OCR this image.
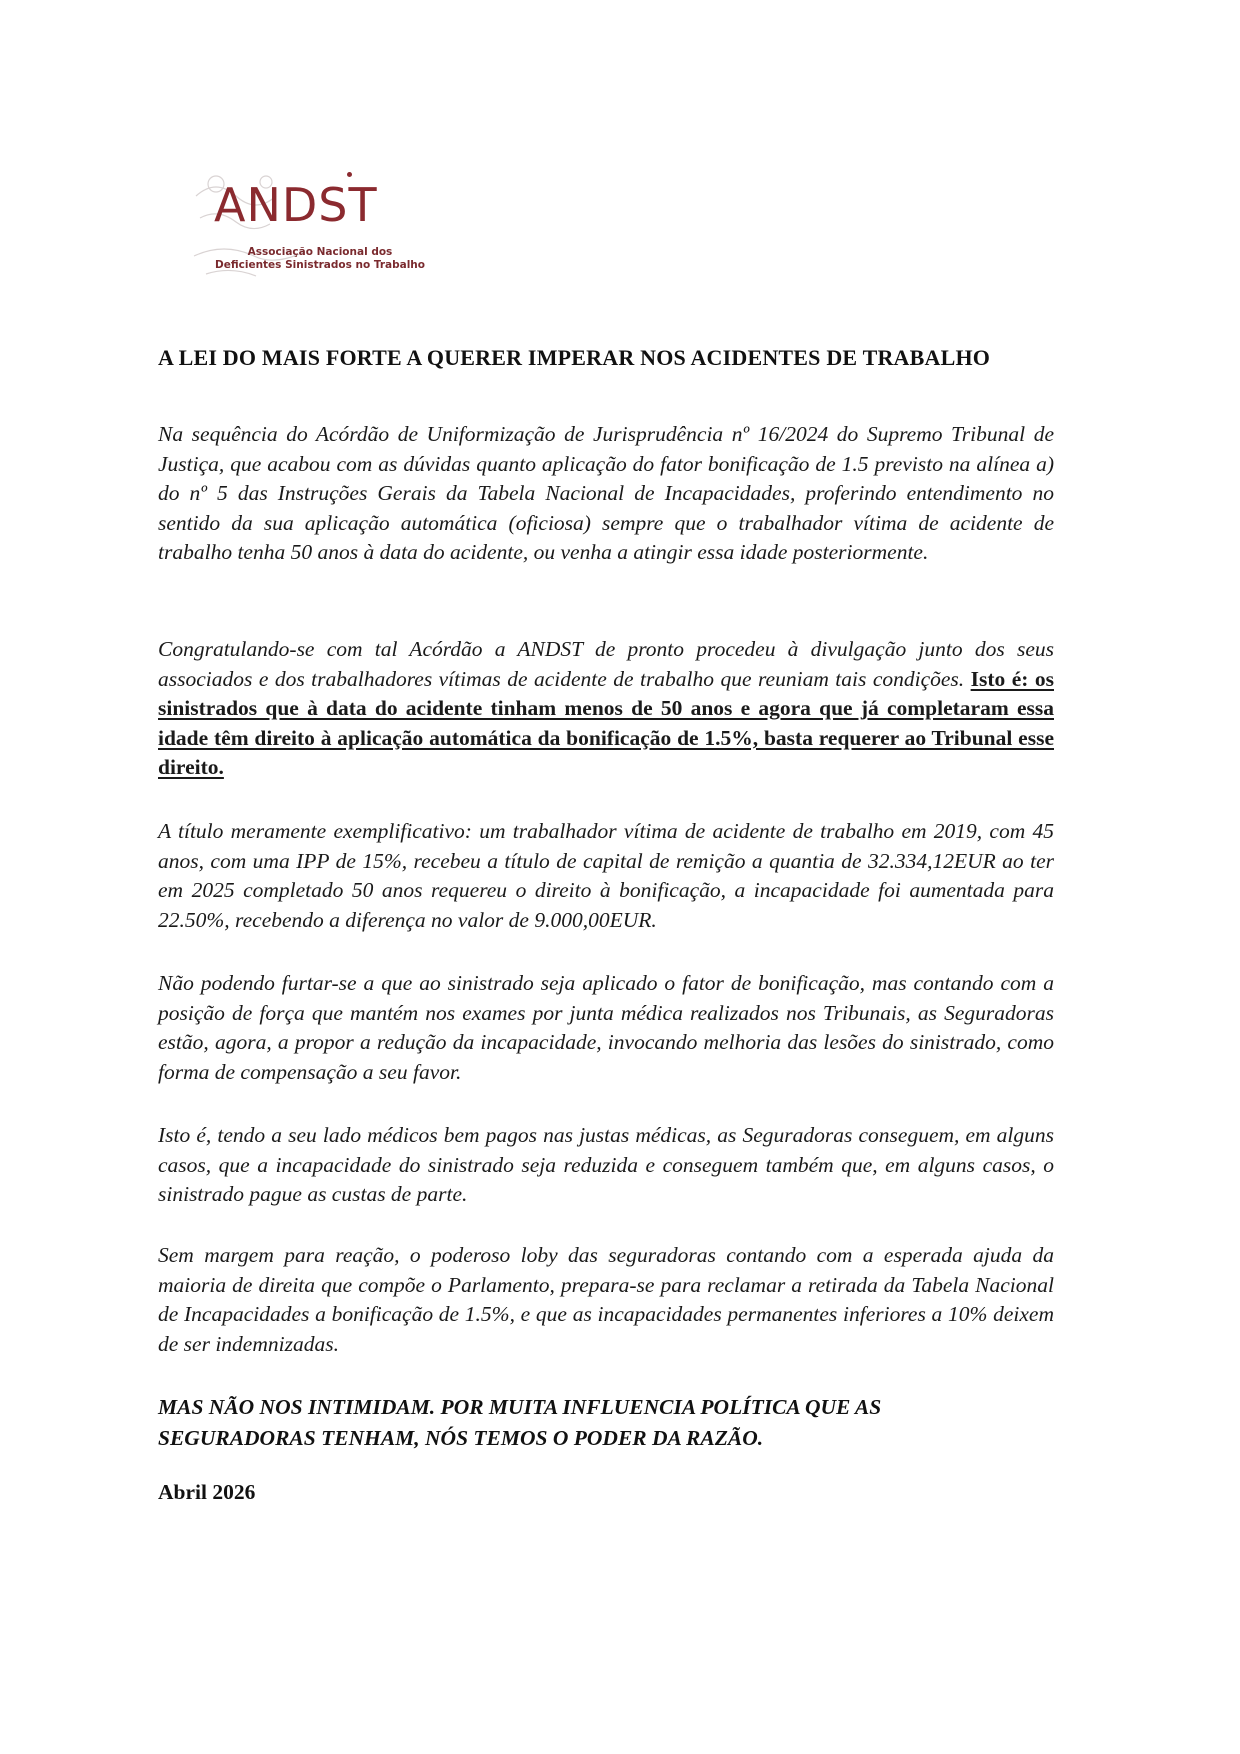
ANDST
Associação Nacional dos
Deficientes Sinistrados no Trabalho
A LEI DO MAIS FORTE A QUERER IMPERAR NOS ACIDENTES DE TRABALHO

Na sequência do Acórdão de Uniformização de Jurisprudência nº 16/2024 do Supremo Tribunal de Justiça, que acabou com as dúvidas quanto aplicação do fator bonificação de 1.5 previsto na alínea a) do nº 5 das Instruções Gerais da Tabela Nacional de Incapacidades, proferindo entendimento no sentido da sua aplicação automática (oficiosa) sempre que o trabalhador vítima de acidente de trabalho tenha 50 anos à data do acidente, ou venha a atingir essa idade posteriormente.

Congratulando-se com tal Acórdão a ANDST de pronto procedeu à divulgação junto dos seus associados e dos trabalhadores vítimas de acidente de trabalho que reuniam tais condições. Isto é: os sinistrados que à data do acidente tinham menos de 50 anos e agora que já completaram essa idade têm direito à aplicação automática da bonificação de 1.5%, basta requerer ao Tribunal esse direito.

A título meramente exemplificativo: um trabalhador vítima de acidente de trabalho em 2019, com 45 anos, com uma IPP de 15%, recebeu a título de capital de remição a quantia de 32.334,12EUR ao ter em 2025 completado 50 anos requereu o direito à bonificação, a incapacidade foi aumentada para 22.50%, recebendo a diferença no valor de 9.000,00EUR.

Não podendo furtar-se a que ao sinistrado seja aplicado o fator de bonificação, mas contando com a posição de força que mantém nos exames por junta médica realizados nos Tribunais, as Seguradoras estão, agora, a propor a redução da incapacidade, invocando melhoria das lesões do sinistrado, como forma de compensação a seu favor.

Isto é, tendo a seu lado médicos bem pagos nas justas médicas, as Seguradoras conseguem, em alguns casos, que a incapacidade do sinistrado seja reduzida e conseguem também que, em alguns casos, o sinistrado pague as custas de parte.

Sem margem para reação, o poderoso loby das seguradoras contando com a esperada ajuda da maioria de direita que compõe o Parlamento, prepara-se para reclamar a retirada da Tabela Nacional de Incapacidades a bonificação de 1.5%, e que as incapacidades permanentes inferiores a 10% deixem de ser indemnizadas.

MAS NÃO NOS INTIMIDAM. POR MUITA INFLUENCIA POLÍTICA QUE AS
SEGURADORAS TENHAM, NÓS TEMOS O PODER DA RAZÃO.

Abril 2026
